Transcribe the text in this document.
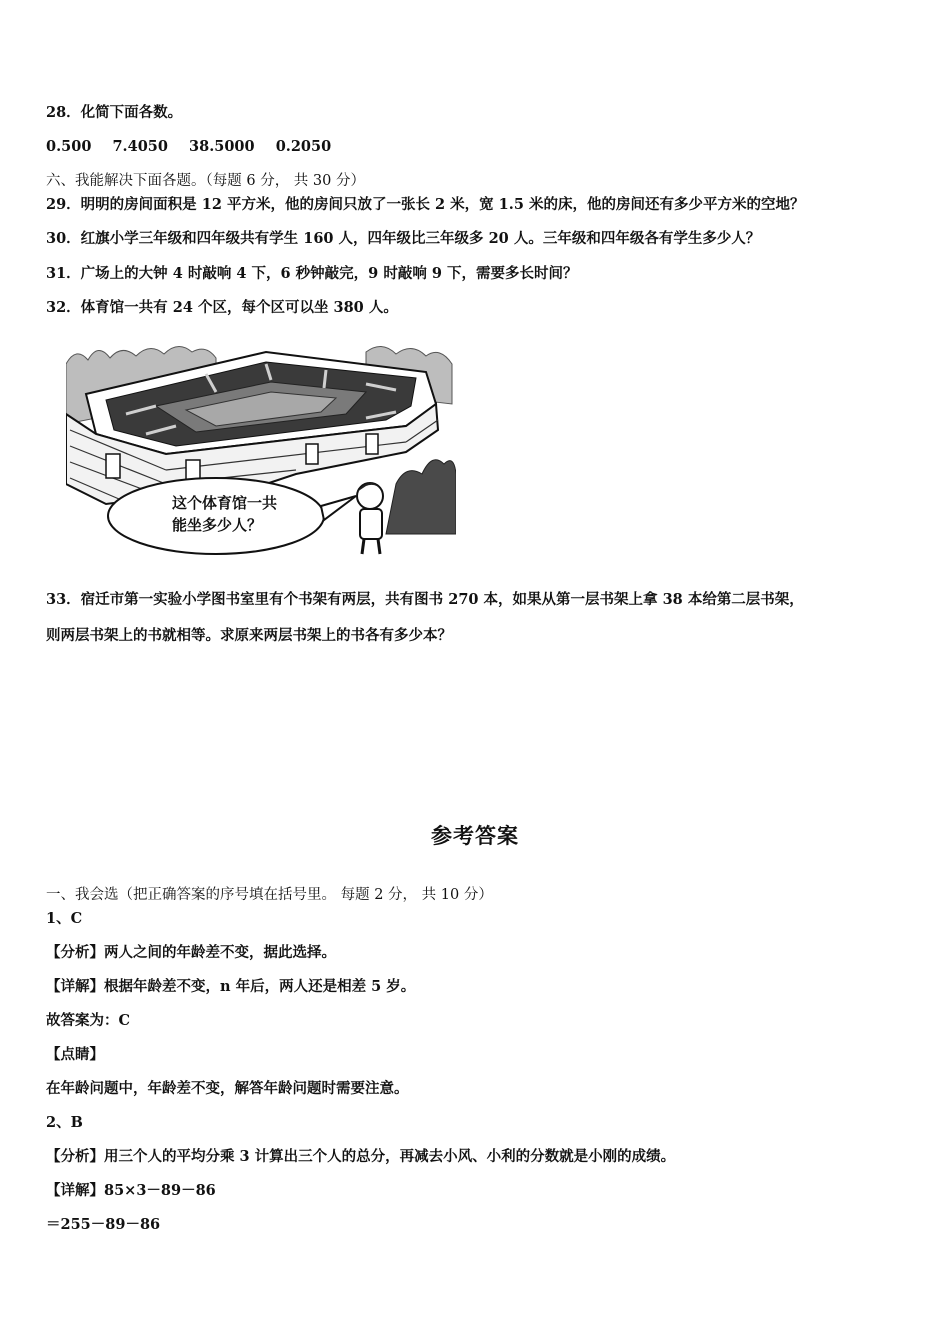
28．化简下面各数。
0.500 7.4050 38.5000 0.2050
六、我能解决下面各题。（每题 6 分， 共 30 分）
29．明明的房间面积是 12 平方米，他的房间只放了一张长 2 米，宽 1.5 米的床，他的房间还有多少平方米的空地？
30．红旗小学三年级和四年级共有学生 160 人，四年级比三年级多 20 人。三年级和四年级各有学生多少人？
31．广场上的大钟 4 时敲响 4 下，6 秒钟敲完，9 时敲响 9 下，需要多长时间？
32．体育馆一共有 24 个区，每个区可以坐 380 人。
这个体育馆一共
能坐多少人？
33．宿迁市第一实验小学图书室里有个书架有两层，共有图书 270 本，如果从第一层书架上拿 38 本给第二层书架，
则两层书架上的书就相等。求原来两层书架上的书各有多少本？
参考答案
一、我会选（把正确答案的序号填在括号里。 每题 2 分， 共 10 分）
1、C
【分析】两人之间的年龄差不变，据此选择。
【详解】根据年龄差不变，n 年后，两人还是相差 5 岁。
故答案为：C
【点睛】
在年龄问题中，年龄差不变，解答年龄问题时需要注意。
2、B
【分析】用三个人的平均分乘 3 计算出三个人的总分，再减去小风、小利的分数就是小刚的成绩。
【详解】85×3－89－86
＝255－89－86
